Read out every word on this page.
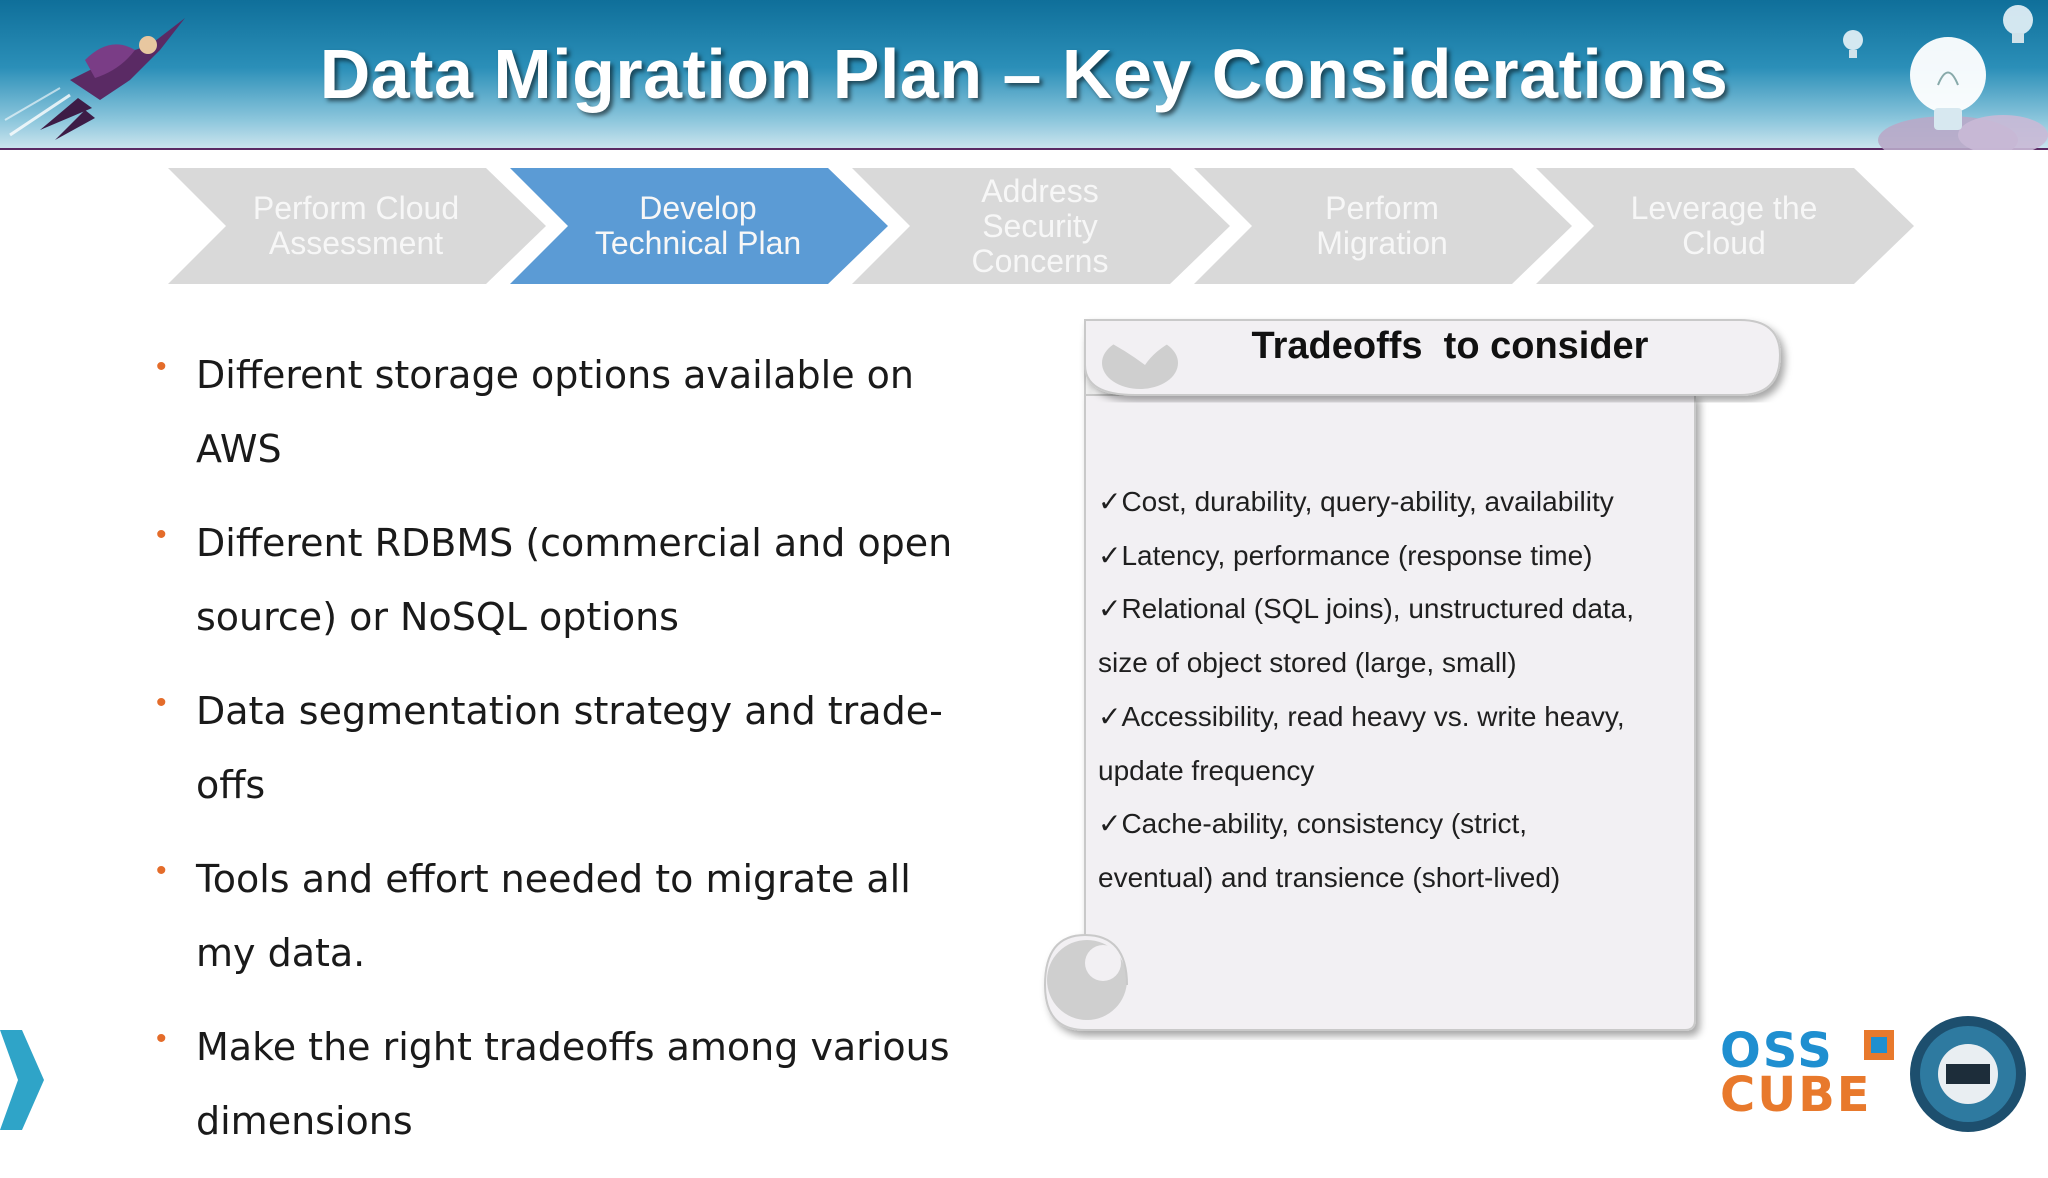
Data Migration Plan – Key Considerations
Perform Cloud
Assessment
Develop
Technical Plan
Address
Security
Concerns
Perform
Migration
Leverage the
Cloud
• Different storage options available on
AWS
• Different RDBMS (commercial and open
source) or NoSQL options
• Data segmentation strategy and trade-
offs
• Tools and effort needed to migrate all
my data.
• Make the right tradeoffs among various
dimensions
Tradeoffs  to consider
✓Cost, durability, query-ability, availability
✓Latency, performance (response time)
✓Relational (SQL joins), unstructured data,
size of object stored (large, small)
✓Accessibility, read heavy vs. write heavy,
update frequency
✓Cache-ability, consistency (strict,
eventual) and transience (short-lived)
OSS
CUBE
